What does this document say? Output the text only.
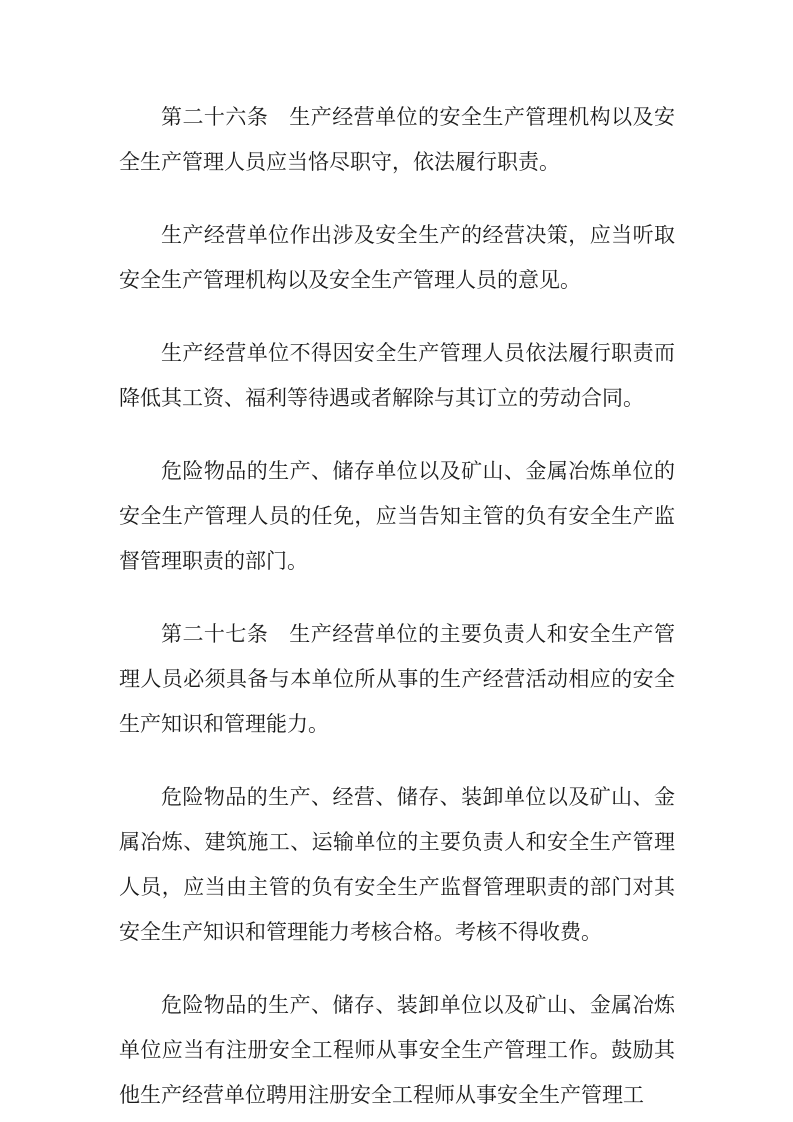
第二十六条 生产经营单位的安全生产管理机构以及安全生产管理人员应当恪尽职守，依法履行职责。

生产经营单位作出涉及安全生产的经营决策，应当听取安全生产管理机构以及安全生产管理人员的意见。

生产经营单位不得因安全生产管理人员依法履行职责而降低其工资、福利等待遇或者解除与其订立的劳动合同。

危险物品的生产、储存单位以及矿山、金属冶炼单位的安全生产管理人员的任免，应当告知主管的负有安全生产监督管理职责的部门。

第二十七条 生产经营单位的主要负责人和安全生产管理人员必须具备与本单位所从事的生产经营活动相应的安全生产知识和管理能力。

危险物品的生产、经营、储存、装卸单位以及矿山、金属冶炼、建筑施工、运输单位的主要负责人和安全生产管理人员，应当由主管的负有安全生产监督管理职责的部门对其安全生产知识和管理能力考核合格。考核不得收费。

危险物品的生产、储存、装卸单位以及矿山、金属冶炼单位应当有注册安全工程师从事安全生产管理工作。鼓励其他生产经营单位聘用注册安全工程师从事安全生产管理工
